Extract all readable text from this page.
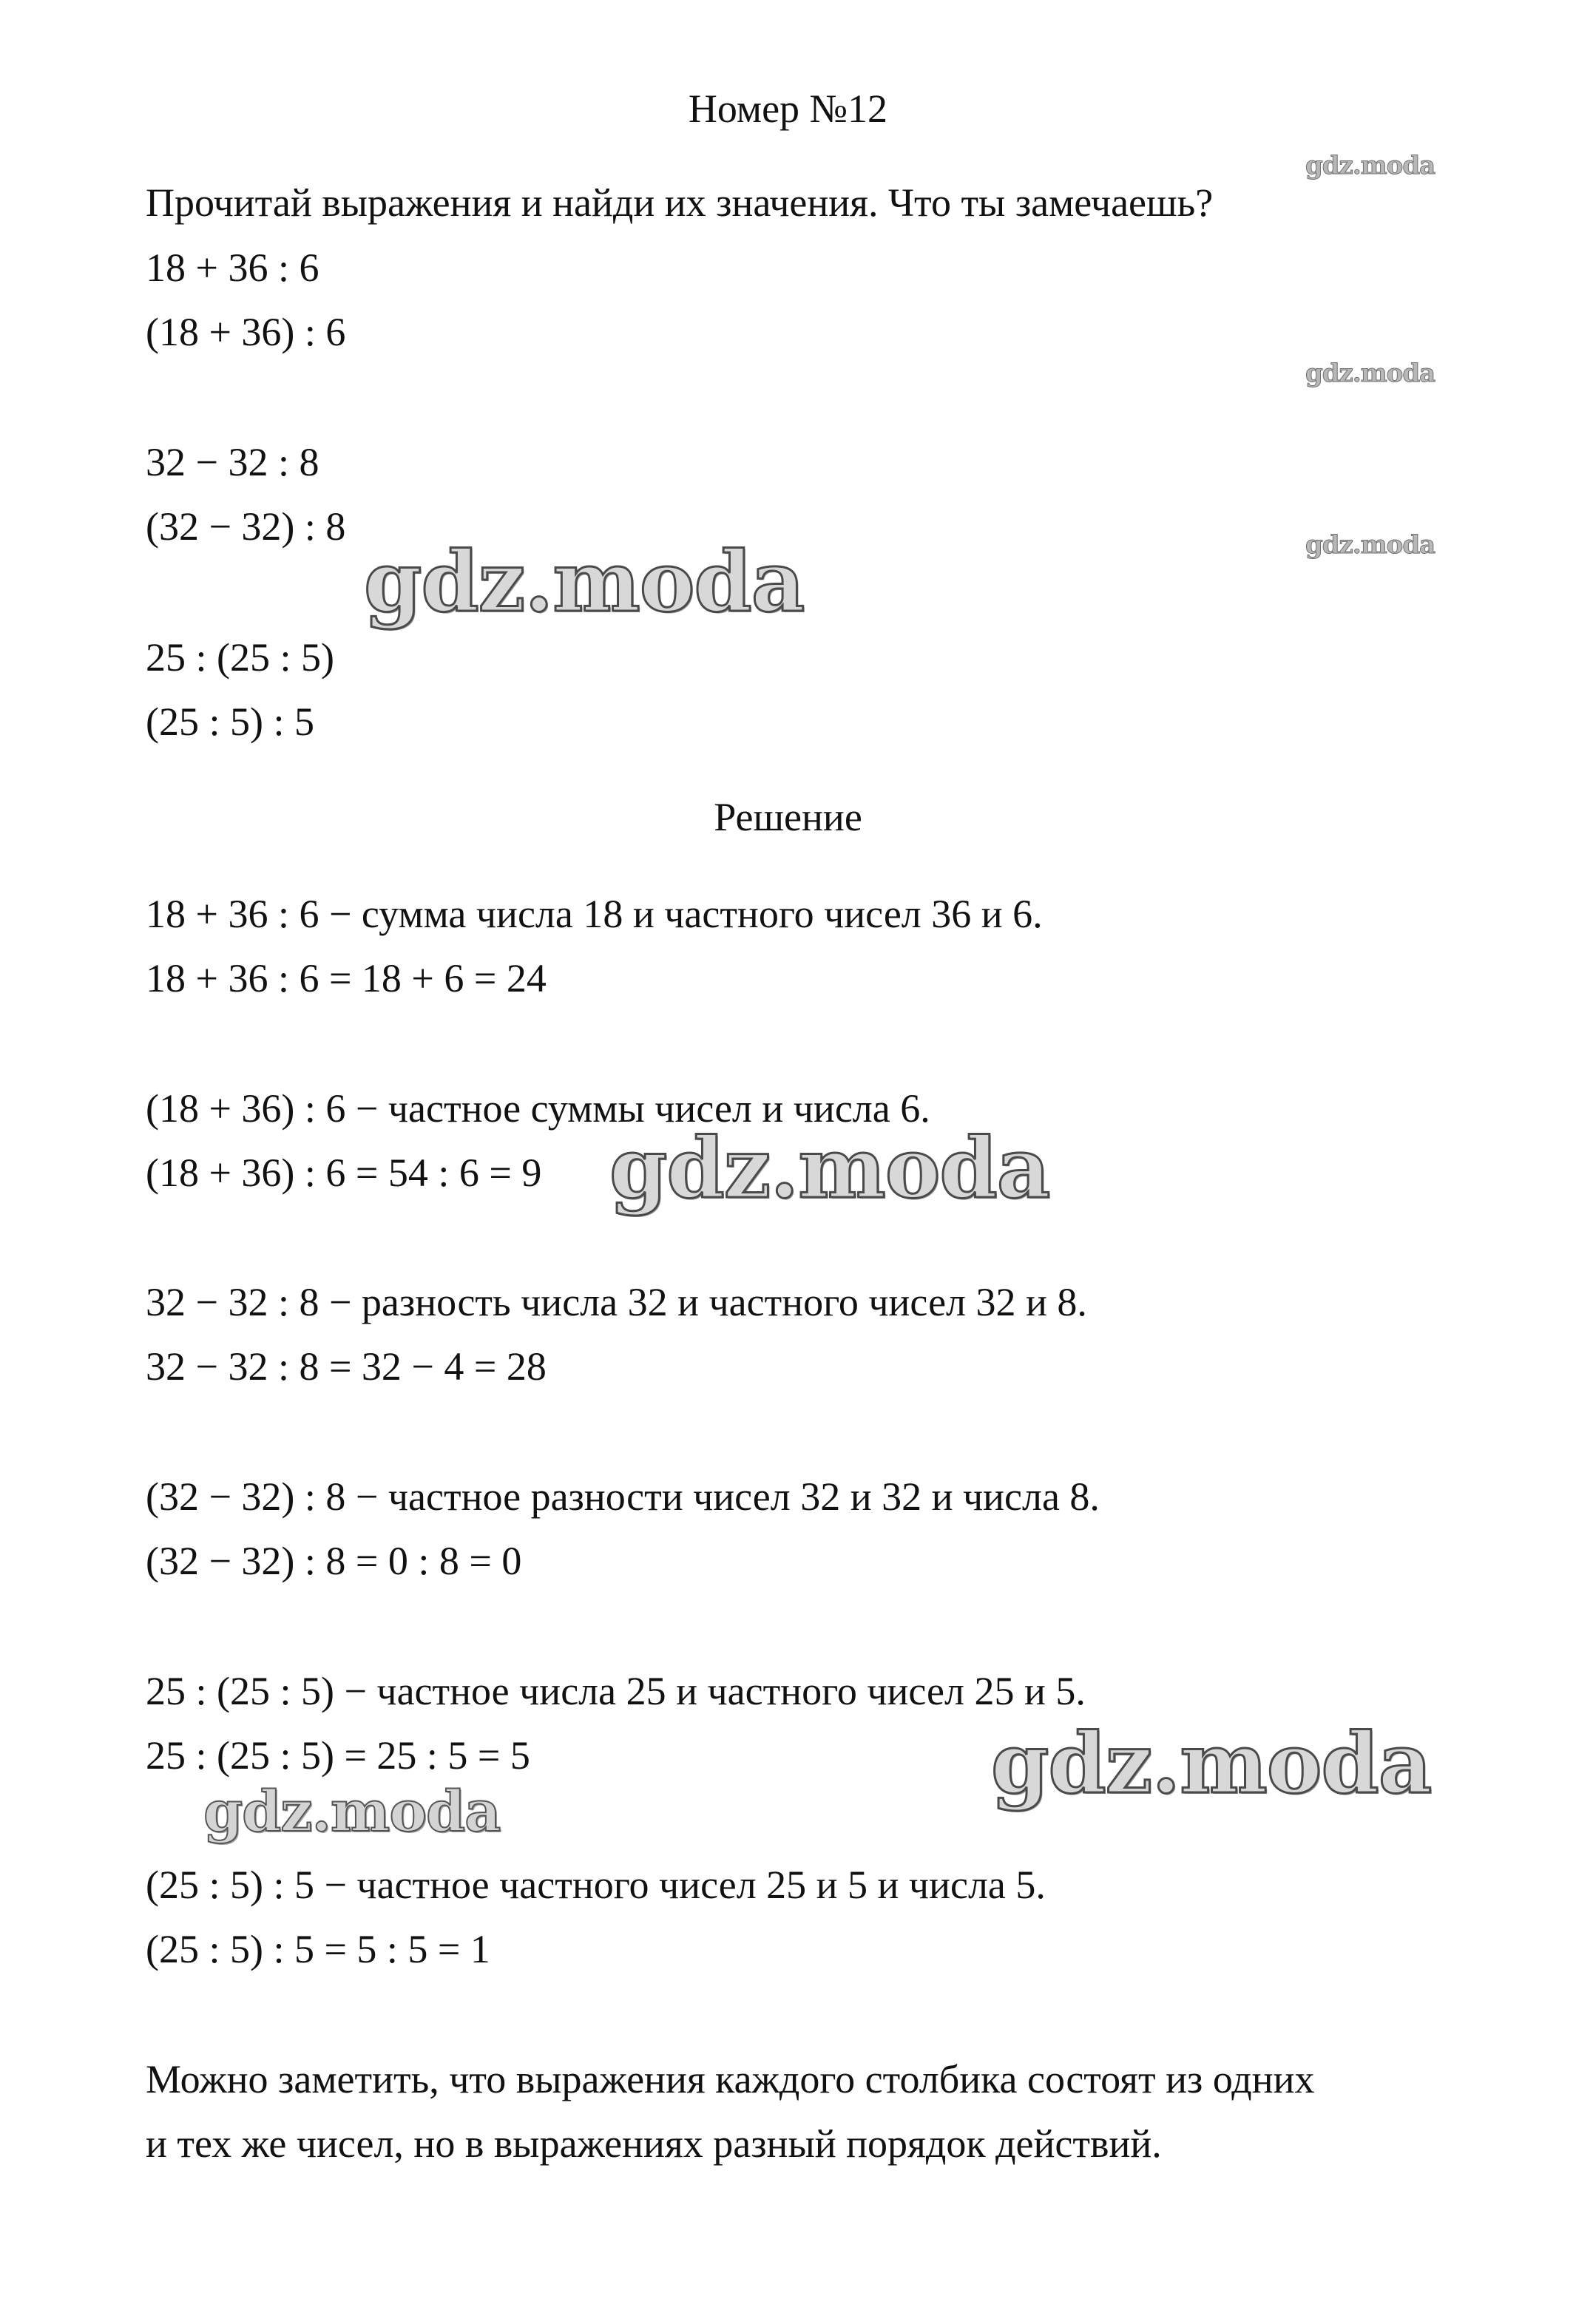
Номер №12
Прочитай выражения и найди их значения. Что ты замечаешь?
18 + 36 : 6
(18 + 36) : 6
32 − 32 : 8
(32 − 32) : 8
25 : (25 : 5)
(25 : 5) : 5
Решение
18 + 36 : 6 − сумма числа 18 и частного чисел 36 и 6.
18 + 36 : 6 = 18 + 6 = 24
(18 + 36) : 6 − частное суммы чисел и числа 6.
(18 + 36) : 6 = 54 : 6 = 9
32 − 32 : 8 − разность числа 32 и частного чисел 32 и 8.
32 − 32 : 8 = 32 − 4 = 28
(32 − 32) : 8 − частное разности чисел 32 и 32 и числа 8.
(32 − 32) : 8 = 0 : 8 = 0
25 : (25 : 5) − частное числа 25 и частного чисел 25 и 5.
25 : (25 : 5) = 25 : 5 = 5
(25 : 5) : 5 − частное частного чисел 25 и 5 и числа 5.
(25 : 5) : 5 = 5 : 5 = 1
Можно заметить, что выражения каждого столбика состоят из одних
и тех же чисел, но в выражениях разный порядок действий.
gdz.moda
gdz.moda
gdz.moda
gdz.moda
gdz.moda
gdz.moda
gdz.moda
